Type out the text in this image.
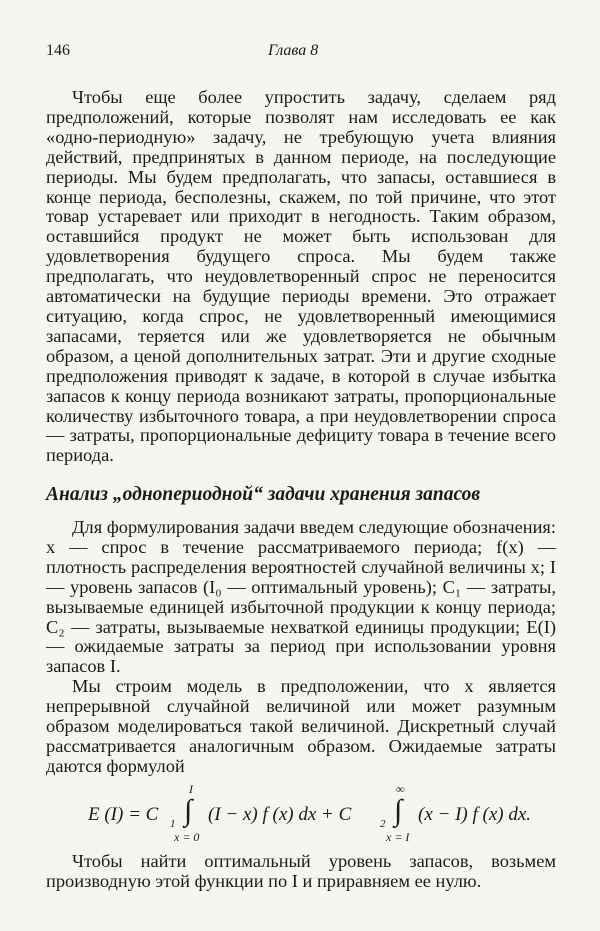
146	Глава 8

Чтобы еще более упростить задачу, сделаем ряд предположений, которые позволят нам исследовать ее как «одно-периодную» задачу, не требующую учета влияния действий, предпринятых в данном периоде, на последующие периоды. Мы будем предполагать, что запасы, оставшиеся в конце периода, бесполезны, скажем, по той причине, что этот товар устаревает или приходит в негодность. Таким образом, оставшийся продукт не может быть использован для удовлетворения будущего спроса. Мы будем также предполагать, что неудовлетворенный спрос не переносится автоматически на будущие периоды времени. Это отражает ситуацию, когда спрос, не удовлетворенный имеющимися запасами, теряется или же удовлетворяется не обычным образом, а ценой дополнительных затрат. Эти и другие сходные предположения приводят к задаче, в которой в случае избытка запасов к концу периода возникают затраты, пропорциональные количеству избыточного товара, а при неудовлетворении спроса — затраты, пропорциональные дефициту товара в течение всего периода.

Анализ „однопериодной“ задачи хранения запасов

Для формулирования задачи введем следующие обозначения: x — спрос в течение рассматриваемого периода; f(x) — плотность распределения вероятностей случайной величины x; I — уровень запасов (I₀ — оптимальный уровень); C₁ — затраты, вызываемые единицей избыточной продукции к концу периода; C₂ — затраты, вызываемые нехваткой единицы продукции; E(I) — ожидаемые затраты за период при использовании уровня запасов I.

Мы строим модель в предположении, что x является непрерывной случайной величиной или может разумным образом моделироваться такой величиной. Дискретный случай рассматривается аналогичным образом. Ожидаемые затраты даются формулой

E (I) = C 1
I
∫
x = 0
(I − x) f (x) dx + C	2
∞
∫
x = I
(x − I) f (x) dx.

Чтобы найти оптимальный уровень запасов, возьмем производную этой функции по I и приравняем ее нулю.
